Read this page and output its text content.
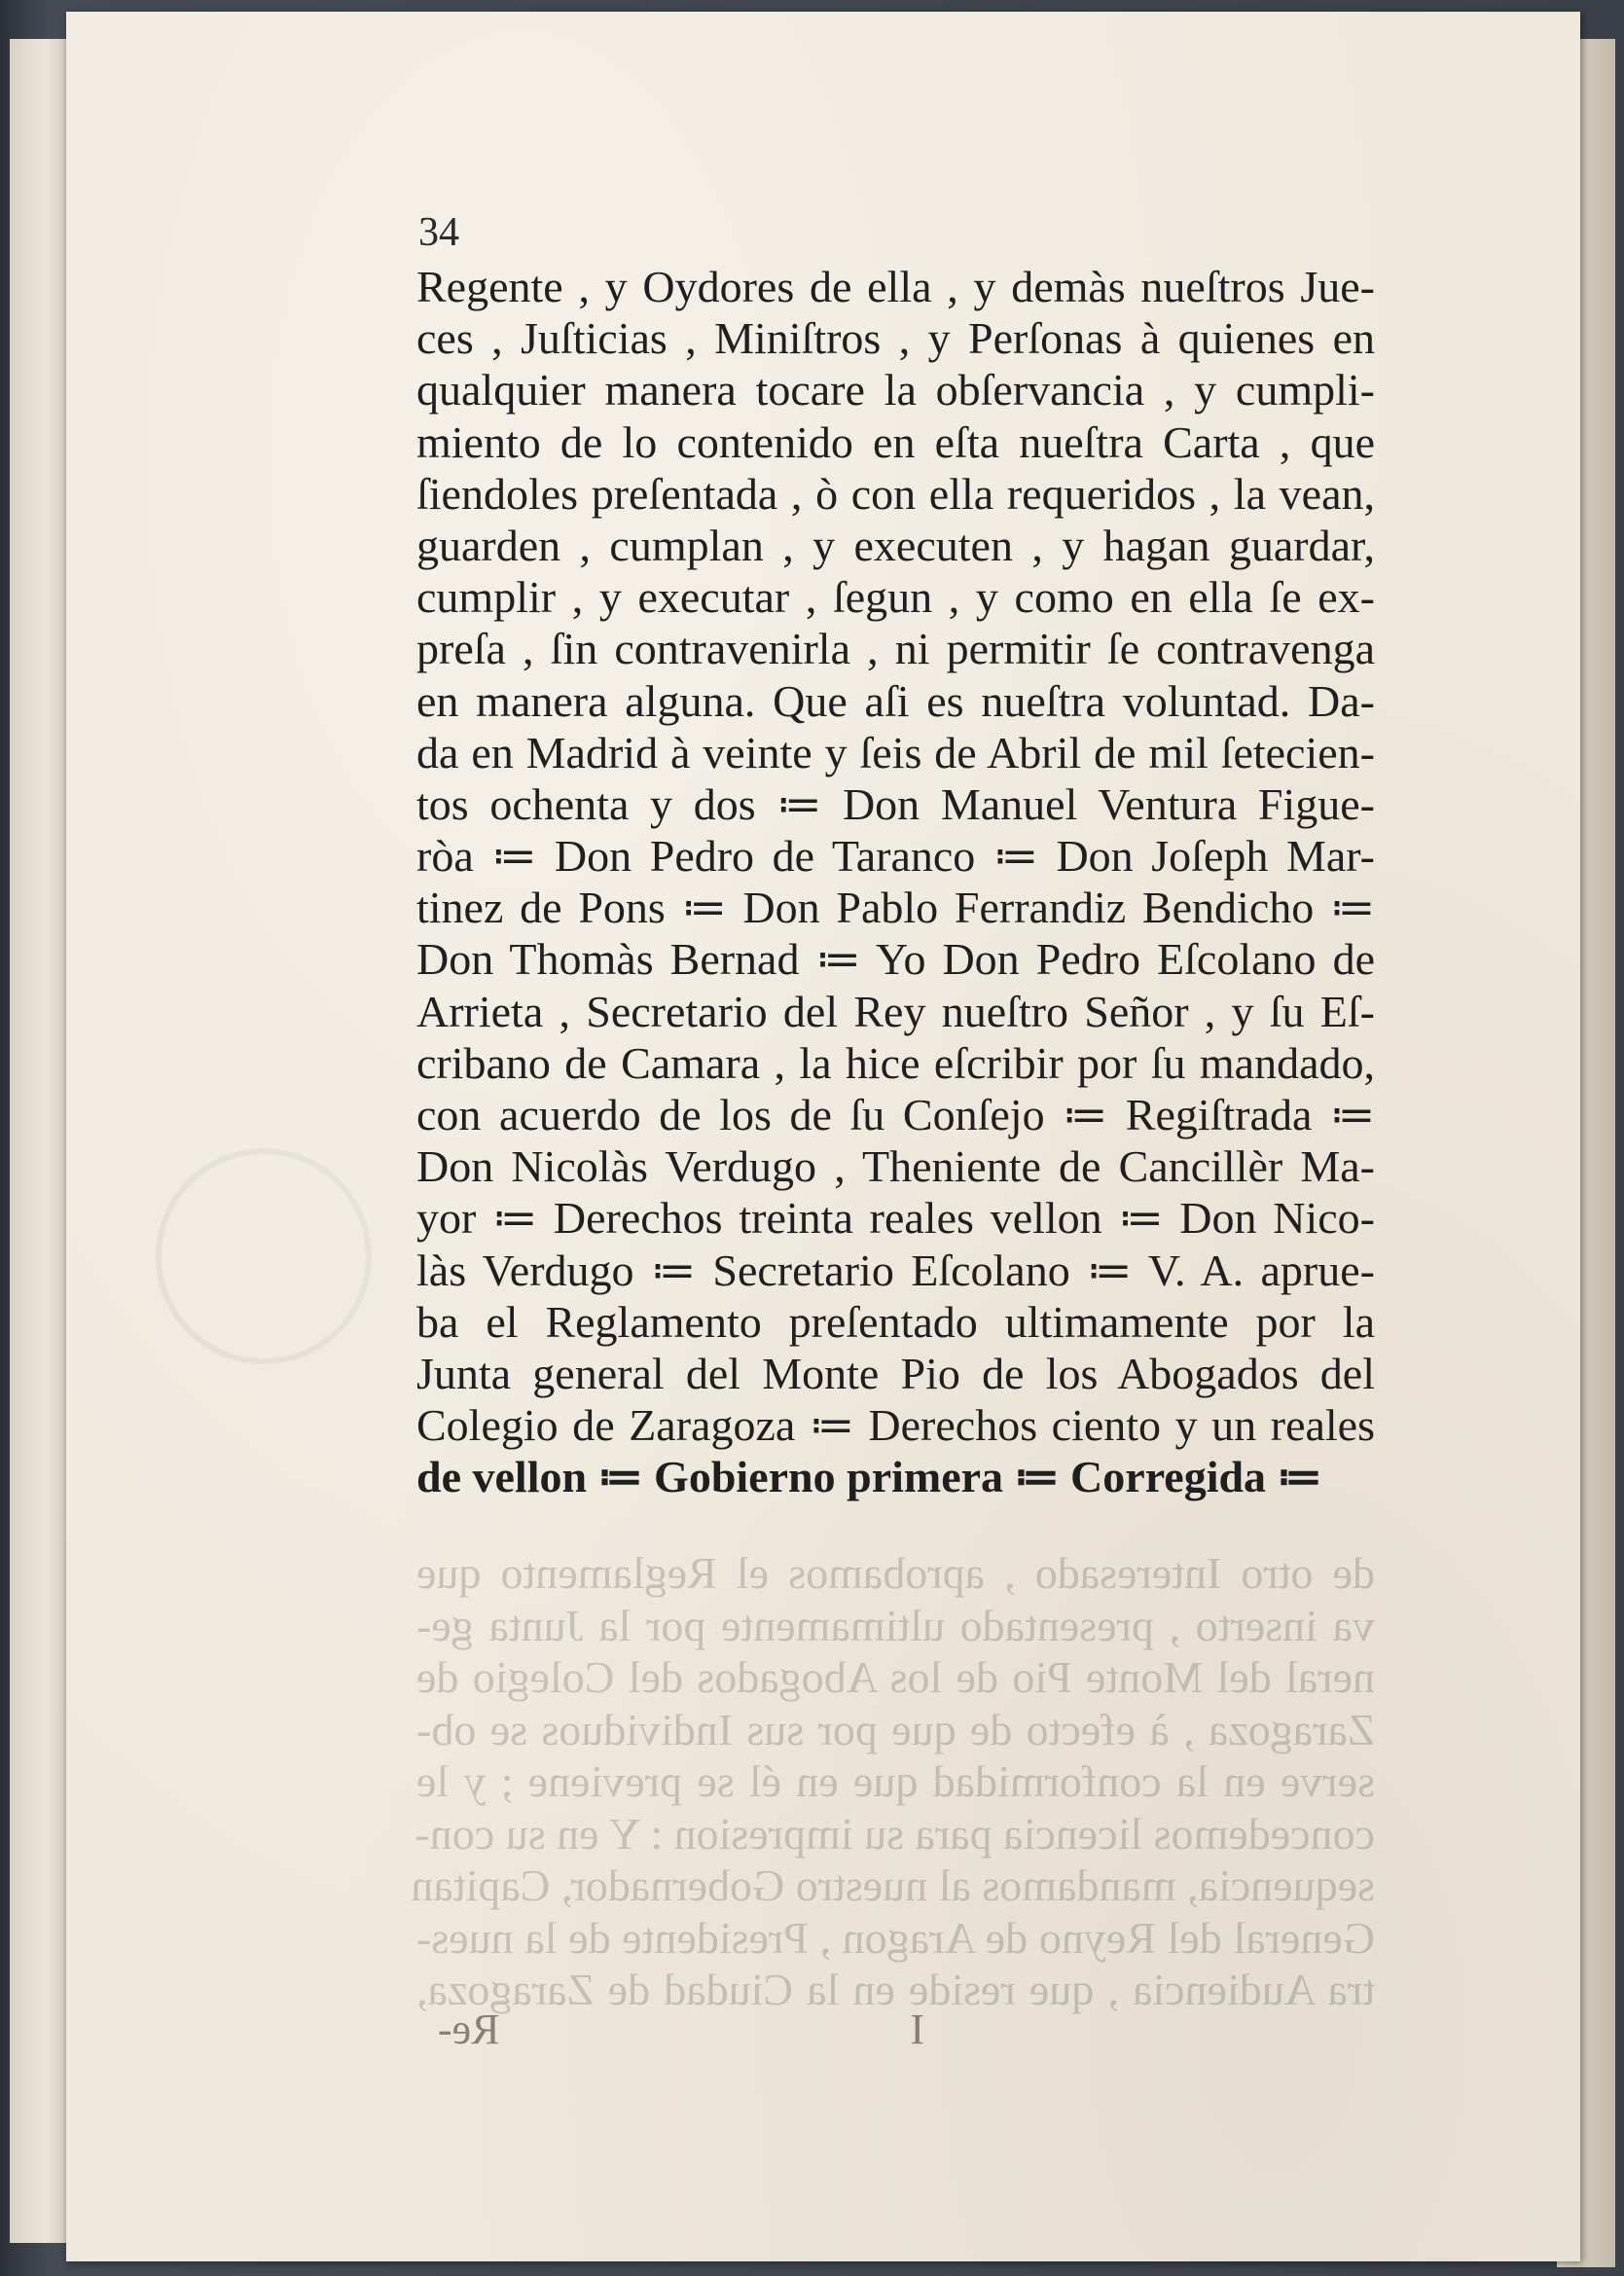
de otro Interesado , aprobamos el Reglamento que
va inserto , presentado ultimamente por la Junta ge-
neral del Monte Pio de los Abogados del Colegio de
Zaragoza , à efecto de que por sus Individuos se ob-
serve en la conformidad que en él se previene ; y le
concedemos licencia para su impresion : Y en su con-
sequencia, mandamos al nuestro Gobernador, Capitan
General del Reyno de Aragon , Presidente de la nues-
tra Audiencia , que reside en la Ciudad de Zaragoza,
Re-	I
34
Regente , y Oydores de ella , y demàs nueſtros Jue-
ces , Juſticias , Miniſtros , y Perſonas à quienes en
qualquier manera tocare la obſervancia , y cumpli-
miento de lo contenido en eſta nueſtra Carta , que
ſiendoles preſentada , ò con ella requeridos , la vean,
guarden , cumplan , y executen , y hagan guardar,
cumplir , y executar , ſegun , y como en ella ſe ex-
preſa , ſin contravenirla , ni permitir ſe contravenga
en manera alguna. Que aſi es nueſtra voluntad. Da-
da en Madrid à veinte y ſeis de Abril de mil ſetecien-
tos ochenta y dos ≔ Don Manuel Ventura Figue-
ròa ≔ Don Pedro de Taranco ≔ Don Joſeph Mar-
tinez de Pons ≔ Don Pablo Ferrandiz Bendicho ≔
Don Thomàs Bernad ≔ Yo Don Pedro Eſcolano de
Arrieta , Secretario del Rey nueſtro Señor , y ſu Eſ-
cribano de Camara , la hice eſcribir por ſu mandado,
con acuerdo de los de ſu Conſejo ≔ Regiſtrada ≔
Don Nicolàs Verdugo , Theniente de Cancillèr Ma-
yor ≔ Derechos treinta reales vellon ≔ Don Nico-
làs Verdugo ≔ Secretario Eſcolano ≔ V. A. aprue-
ba el Reglamento preſentado ultimamente por la
Junta general del Monte Pio de los Abogados del
Colegio de Zaragoza ≔ Derechos ciento y un reales
de vellon ≔ Gobierno primera ≔ Corregida ≔
